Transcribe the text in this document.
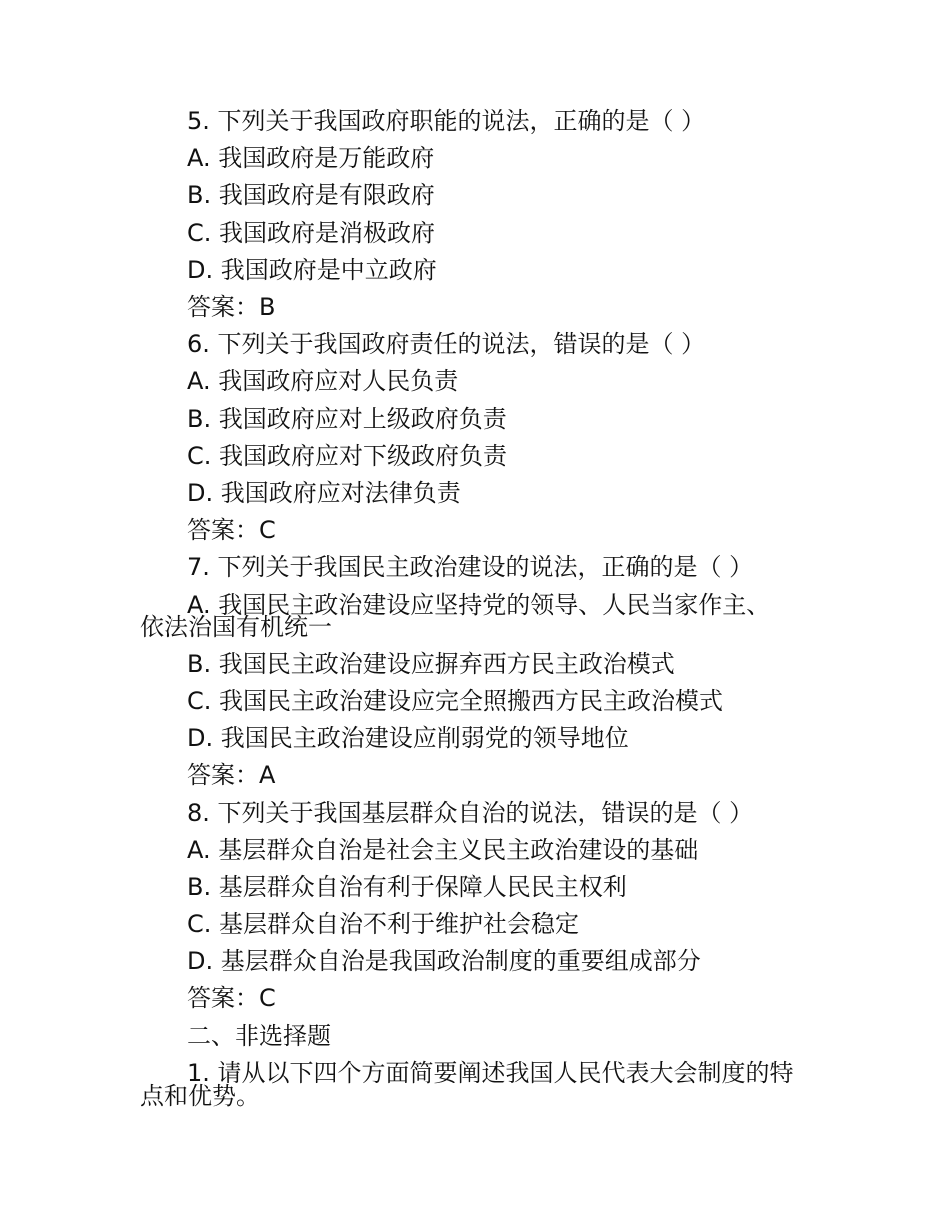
5. 下列关于我国政府职能的说法，正确的是（ ）
A. 我国政府是万能政府
B. 我国政府是有限政府
C. 我国政府是消极政府
D. 我国政府是中立政府
答案：B
6. 下列关于我国政府责任的说法，错误的是（ ）
A. 我国政府应对人民负责
B. 我国政府应对上级政府负责
C. 我国政府应对下级政府负责
D. 我国政府应对法律负责
答案：C
7. 下列关于我国民主政治建设的说法，正确的是（ ）
A. 我国民主政治建设应坚持党的领导、人民当家作主、
依法治国有机统一
B. 我国民主政治建设应摒弃西方民主政治模式
C. 我国民主政治建设应完全照搬西方民主政治模式
D. 我国民主政治建设应削弱党的领导地位
答案：A
8. 下列关于我国基层群众自治的说法，错误的是（ ）
A. 基层群众自治是社会主义民主政治建设的基础
B. 基层群众自治有利于保障人民民主权利
C. 基层群众自治不利于维护社会稳定
D. 基层群众自治是我国政治制度的重要组成部分
答案：C
二、非选择题
1. 请从以下四个方面简要阐述我国人民代表大会制度的特
点和优势。
